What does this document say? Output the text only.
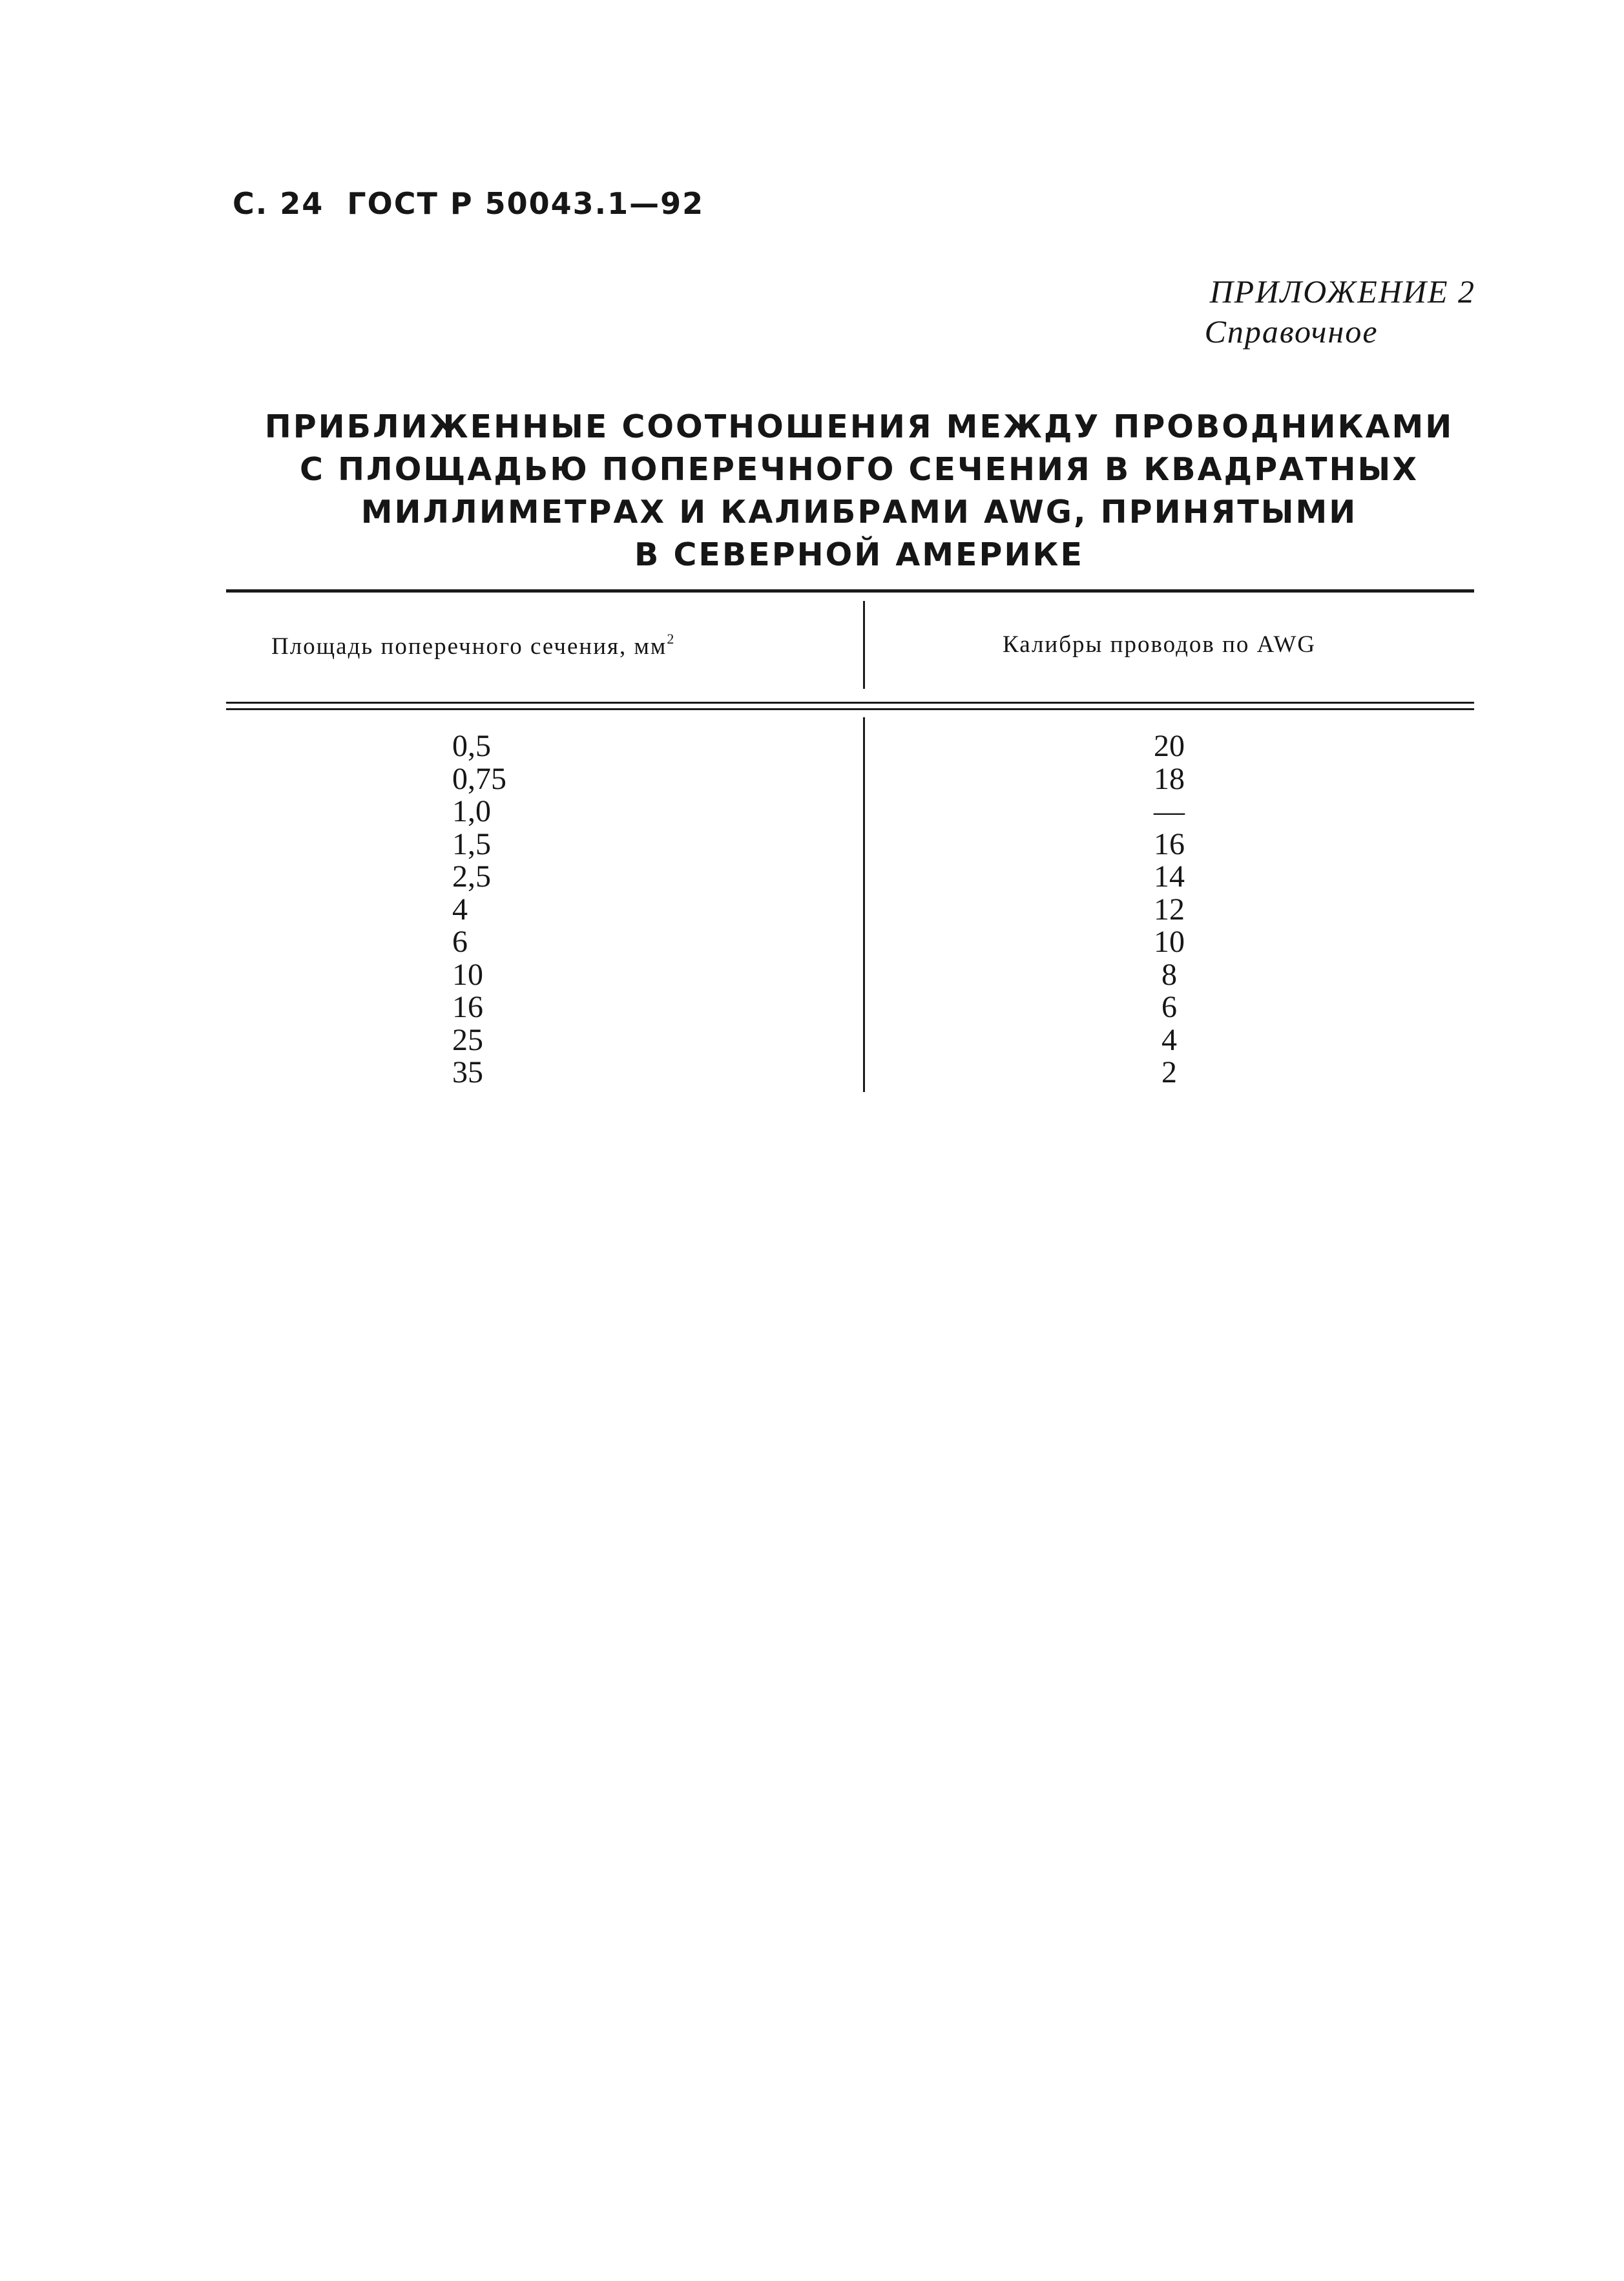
С. 24 ГОСТ Р 50043.1—92
ПРИЛОЖЕНИЕ 2
Справочное
ПРИБЛИЖЕННЫЕ СООТНОШЕНИЯ МЕЖДУ ПРОВОДНИКАМИ
С ПЛОЩАДЬЮ ПОПЕРЕЧНОГО СЕЧЕНИЯ В КВАДРАТНЫХ
МИЛЛИМЕТРАХ И КАЛИБРАМИ AWG, ПРИНЯТЫМИ
В СЕВЕРНОЙ АМЕРИКЕ
Площадь поперечного сечения, $мм^2$	Калибры проводов по AWG
0,5
0,75
1,0
1,5
2,5
4
6
10
16
25
35
20
18
—
16
14
12
10
8
6
4
2
